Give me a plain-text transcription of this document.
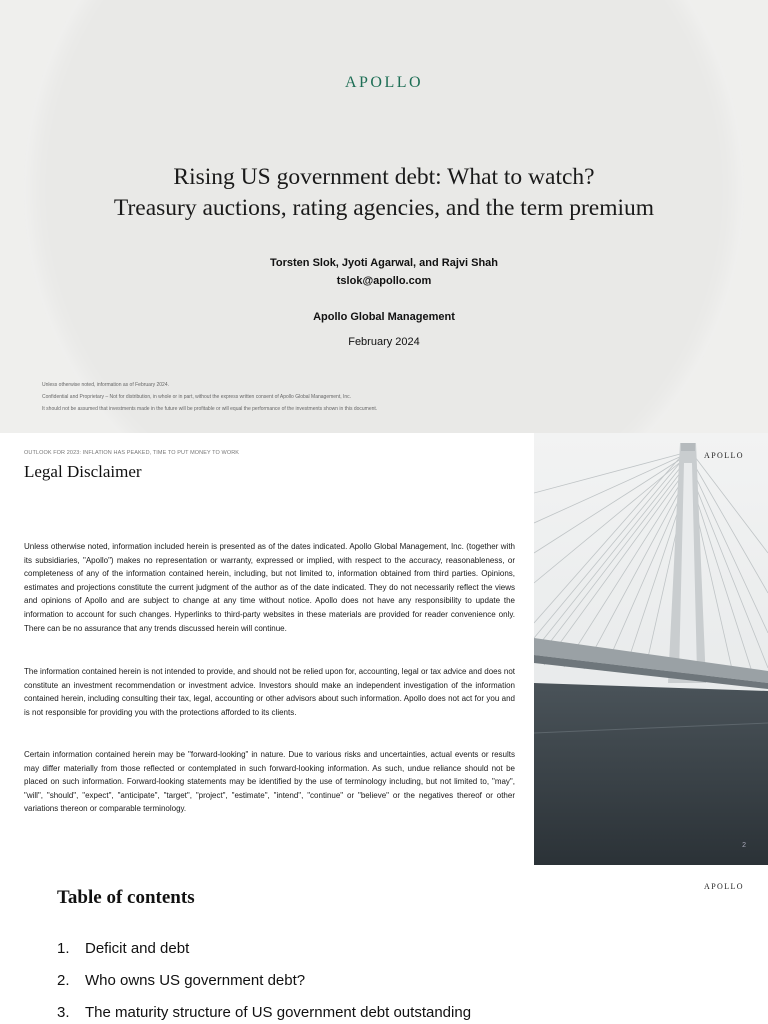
APOLLO
Rising US government debt: What to watch?
Treasury auctions, rating agencies, and the term premium
Torsten Slok, Jyoti Agarwal, and Rajvi Shah
tslok@apollo.com
Apollo Global Management
February 2024
Unless otherwise noted, information as of February 2024.
Confidential and Proprietary – Not for distribution, in whole or in part, without the express written consent of Apollo Global Management, Inc.
It should not be assumed that investments made in the future will be profitable or will equal the performance of the investments shown in this document.
OUTLOOK FOR 2023: INFLATION HAS PEAKED, TIME TO PUT MONEY TO WORK
Legal Disclaimer

Unless otherwise noted, information included herein is presented as of the dates indicated. Apollo Global Management, Inc. (together with its subsidiaries, "Apollo") makes no representation or warranty, expressed or implied, with respect to the accuracy, reasonableness, or completeness of any of the information contained herein, including, but not limited to, information obtained from third parties. Opinions, estimates and projections constitute the current judgment of the author as of the date indicated. They do not necessarily reflect the views and opinions of Apollo and are subject to change at any time without notice. Apollo does not have any responsibility to update the information to account for such changes. Hyperlinks to third-party websites in these materials are provided for reader convenience only. There can be no assurance that any trends discussed herein will continue.

The information contained herein is not intended to provide, and should not be relied upon for, accounting, legal or tax advice and does not constitute an investment recommendation or investment advice. Investors should make an independent investigation of the information contained herein, including consulting their tax, legal, accounting or other advisors about such information. Apollo does not act for you and is not responsible for providing you with the protections afforded to its clients.

Certain information contained herein may be "forward-looking" in nature. Due to various risks and uncertainties, actual events or results may differ materially from those reflected or contemplated in such forward-looking information. As such, undue reliance should not be placed on such information. Forward-looking statements may be identified by the use of terminology including, but not limited to, "may", "will", "should", "expect", "anticipate", "target", "project", "estimate", "intend", "continue" or "believe" or the negatives thereof or other variations thereon or comparable terminology.

APOLLO
2
APOLLO
Table of contents
1. Deficit and debt
2. Who owns US government debt?
3. The maturity structure of US government debt outstanding
